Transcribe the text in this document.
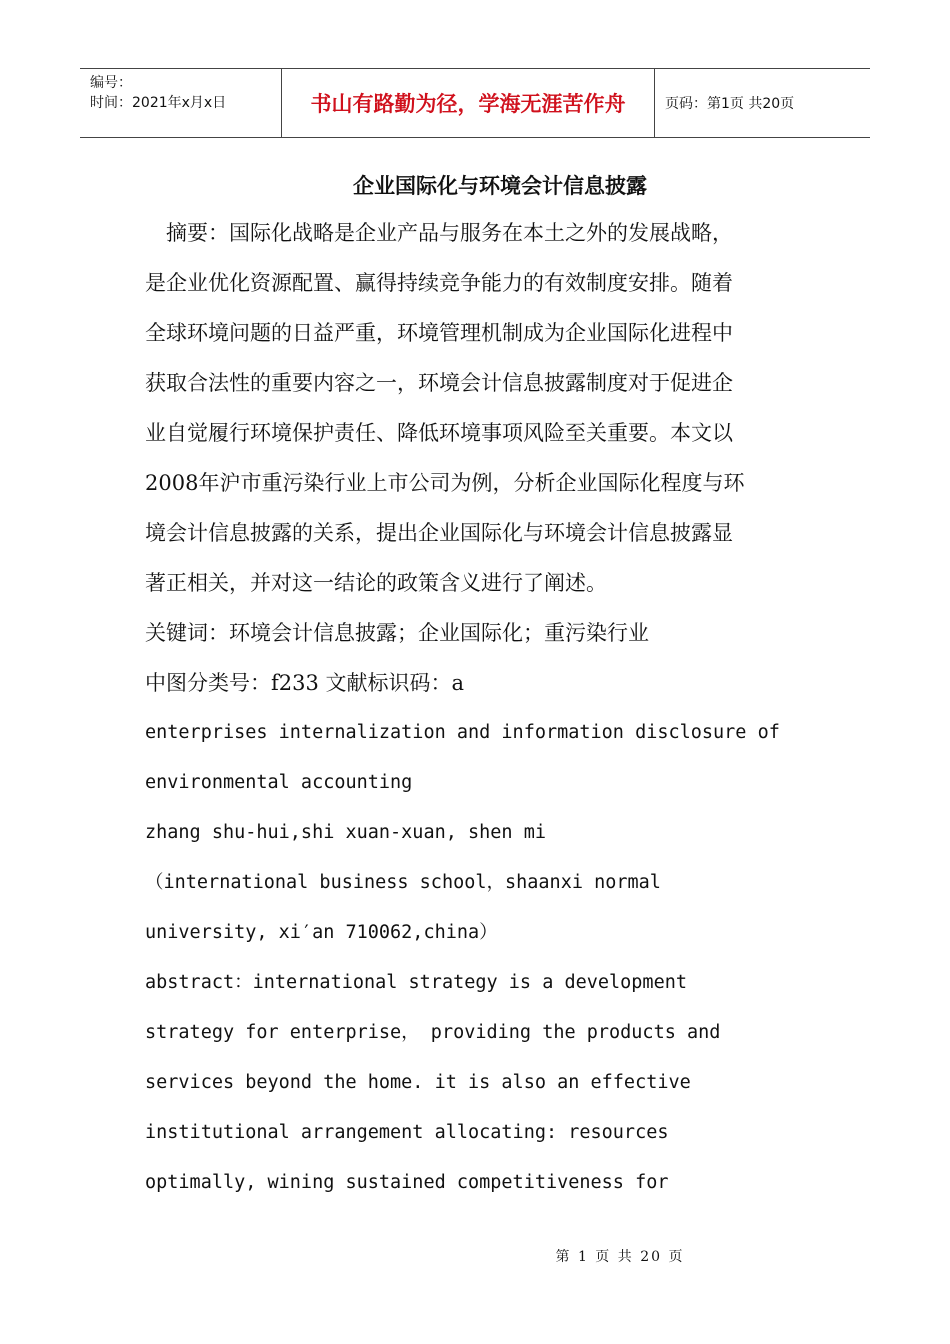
编号：
时间：2021年x月x日	书山有路勤为径，学海无涯苦作舟	页码：第1页 共20页
企业国际化与环境会计信息披露
　摘要：国际化战略是企业产品与服务在本土之外的发展战略，
是企业优化资源配置、赢得持续竞争能力的有效制度安排。随着
全球环境问题的日益严重，环境管理机制成为企业国际化进程中
获取合法性的重要内容之一，环境会计信息披露制度对于促进企
业自觉履行环境保护责任、降低环境事项风险至关重要。本文以
2008年沪市重污染行业上市公司为例，分析企业国际化程度与环
境会计信息披露的关系，提出企业国际化与环境会计信息披露显
著正相关，并对这一结论的政策含义进行了阐述。
关键词：环境会计信息披露；企业国际化；重污染行业
中图分类号：f233 文献标识码：a
enterprises internalization and information disclosure of
environmental accounting
zhang shu-hui,shi xuan-xuan, shen mi
（international business school，shaanxi normal
university, xi′an 710062,china）
abstract：international strategy is a development
strategy for enterprise， providing the products and
services beyond the home. it is also an effective
institutional arrangement allocating: resources
optimally, wining sustained competitiveness for
第 1 页 共 20 页
